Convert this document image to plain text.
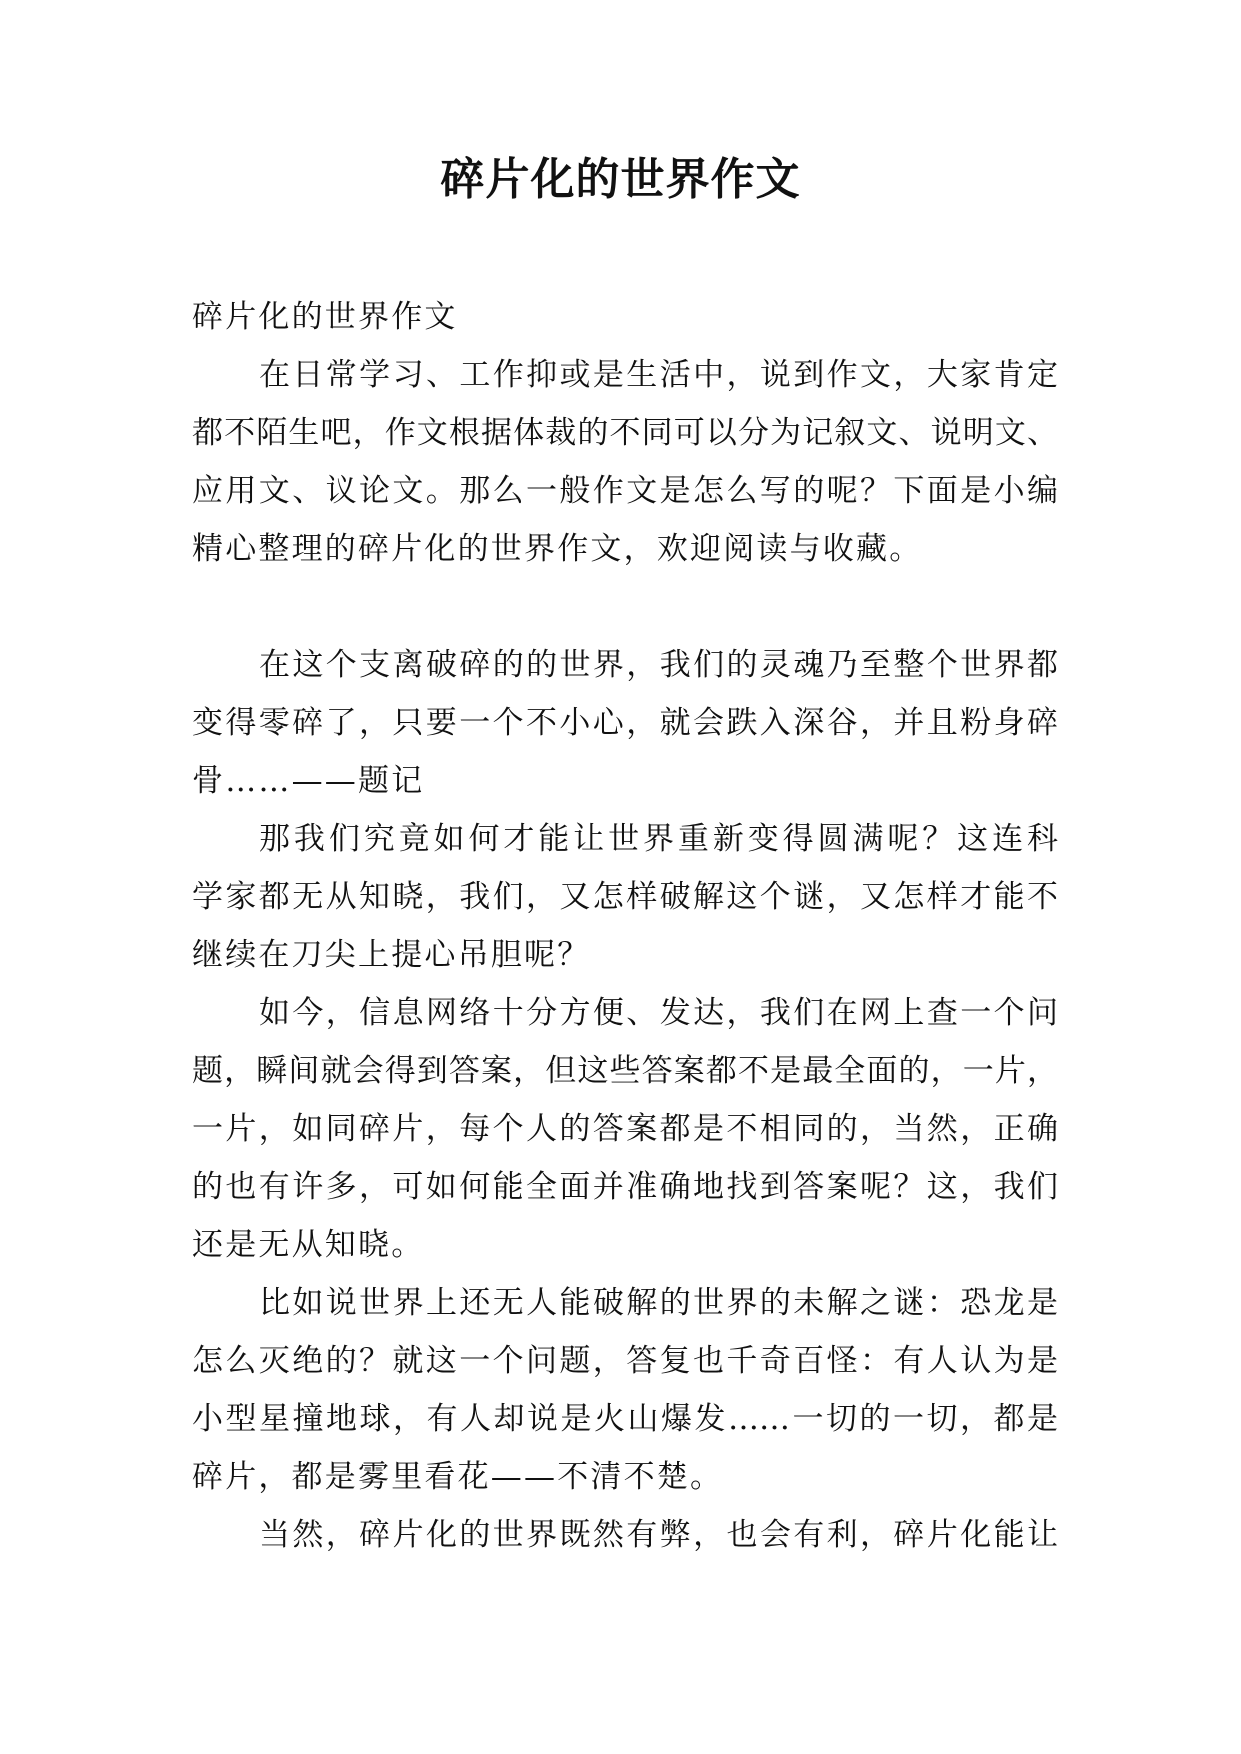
碎片化的世界作文
碎片化的世界作文
在日常学习、工作抑或是生活中，说到作文，大家肯定
都不陌生吧，作文根据体裁的不同可以分为记叙文、说明文、
应用文、议论文。那么一般作文是怎么写的呢？下面是小编
精心整理的碎片化的世界作文，欢迎阅读与收藏。
在这个支离破碎的的世界，我们的灵魂乃至整个世界都
变得零碎了，只要一个不小心，就会跌入深谷，并且粉身碎
骨……——题记
那我们究竟如何才能让世界重新变得圆满呢？这连科
学家都无从知晓，我们，又怎样破解这个谜，又怎样才能不
继续在刀尖上提心吊胆呢？
如今，信息网络十分方便、发达，我们在网上查一个问
题，瞬间就会得到答案，但这些答案都不是最全面的，一片，
一片，如同碎片，每个人的答案都是不相同的，当然，正确
的也有许多，可如何能全面并准确地找到答案呢？这，我们
还是无从知晓。
比如说世界上还无人能破解的世界的未解之谜：恐龙是
怎么灭绝的？就这一个问题，答复也千奇百怪：有人认为是
小型星撞地球，有人却说是火山爆发……一切的一切，都是
碎片，都是雾里看花——不清不楚。
当然，碎片化的世界既然有弊，也会有利，碎片化能让
